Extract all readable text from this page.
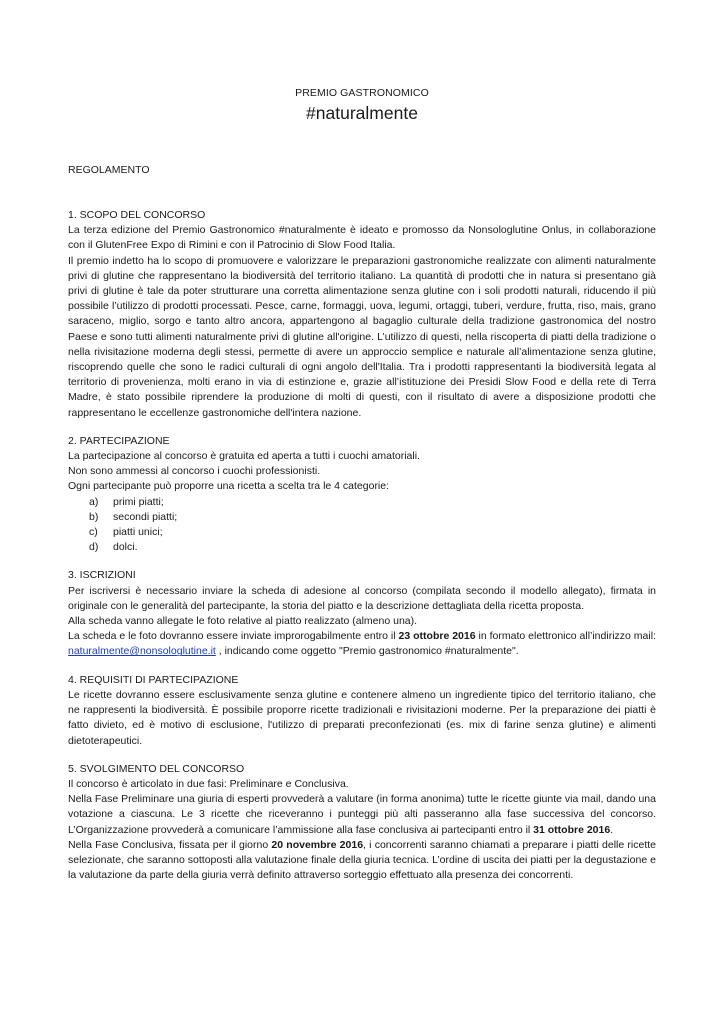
PREMIO GASTRONOMICO
#naturalmente
REGOLAMENTO
1. SCOPO DEL CONCORSO

La terza edizione del Premio Gastronomico #naturalmente è ideato e promosso da Nonsologlutine Onlus, in collaborazione con il GlutenFree Expo di Rimini e con il Patrocinio di Slow Food Italia.

Il premio indetto ha lo scopo di promuovere e valorizzare le preparazioni gastronomiche realizzate con alimenti naturalmente privi di glutine che rappresentano la biodiversità del territorio italiano. La quantità di prodotti che in natura si presentano già privi di glutine è tale da poter strutturare una corretta alimentazione senza glutine con i soli prodotti naturali, riducendo il più possibile l’utilizzo di prodotti processati. Pesce, carne, formaggi, uova, legumi, ortaggi, tuberi, verdure, frutta, riso, mais, grano saraceno, miglio, sorgo e tanto altro ancora, appartengono al bagaglio culturale della tradizione gastronomica del nostro Paese e sono tutti alimenti naturalmente privi di glutine all'origine. L’utilizzo di questi, nella riscoperta di piatti della tradizione o nella rivisitazione moderna degli stessi, permette di avere un approccio semplice e naturale all’alimentazione senza glutine, riscoprendo quelle che sono le radici culturali di ogni angolo dell'Italia. Tra i prodotti rappresentanti la biodiversità legata al territorio di provenienza, molti erano in via di estinzione e, grazie all’istituzione dei Presidi Slow Food e della rete di Terra Madre, è stato possibile riprendere la produzione di molti di questi, con il risultato di avere a disposizione prodotti che rappresentano le eccellenze gastronomiche dell'intera nazione.

2. PARTECIPAZIONE

La partecipazione al concorso è gratuita ed aperta a tutti i cuochi amatoriali.

Non sono ammessi al concorso i cuochi professionisti.

Ogni partecipante può proporre una ricetta a scelta tra le 4 categorie:

a)	primi piatti;
b)	secondi piatti;
c)	piatti unici;
d)	dolci.
3. ISCRIZIONI

Per iscriversi è necessario inviare la scheda di adesione al concorso (compilata secondo il modello allegato), firmata in originale con le generalità del partecipante, la storia del piatto e la descrizione dettagliata della ricetta proposta.

Alla scheda vanno allegate le foto relative al piatto realizzato (almeno una).

La scheda e le foto dovranno essere inviate improrogabilmente entro il 23 ottobre 2016 in formato elettronico all’indirizzo mail: naturalmente@nonsologlutine.it , indicando come oggetto "Premio gastronomico #naturalmente".

4. REQUISITI DI PARTECIPAZIONE

Le ricette dovranno essere esclusivamente senza glutine e contenere almeno un ingrediente tipico del territorio italiano, che ne rappresenti la biodiversità. È possibile proporre ricette tradizionali e rivisitazioni moderne. Per la preparazione dei piatti è fatto divieto, ed è motivo di esclusione, l'utilizzo di preparati preconfezionati (es. mix di farine senza glutine) e alimenti dietoterapeutici.

5. SVOLGIMENTO DEL CONCORSO

Il concorso è articolato in due fasi: Preliminare e Conclusiva.

Nella Fase Preliminare una giuria di esperti provvederà a valutare (in forma anonima) tutte le ricette giunte via mail, dando una votazione a ciascuna. Le 3 ricette che riceveranno i punteggi più alti passeranno alla fase successiva del concorso. L’Organizzazione provvederà a comunicare l’ammissione alla fase conclusiva ai partecipanti entro il 31 ottobre 2016.

Nella Fase Conclusiva, fissata per il giorno 20 novembre 2016, i concorrenti saranno chiamati a preparare i piatti delle ricette selezionate, che saranno sottoposti alla valutazione finale della giuria tecnica. L’ordine di uscita dei piatti per la degustazione e la valutazione da parte della giuria verrà definito attraverso sorteggio effettuato alla presenza dei concorrenti.
